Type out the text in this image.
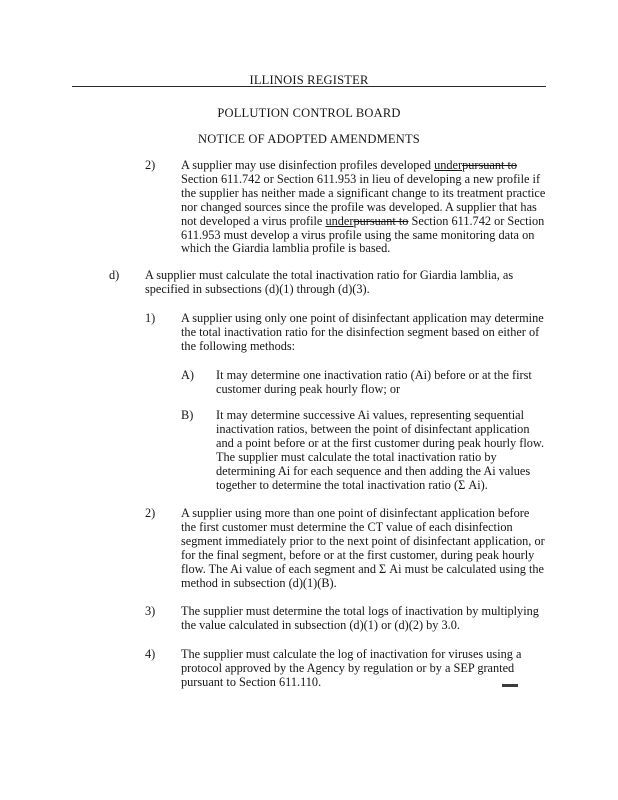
ILLINOIS REGISTER
POLLUTION CONTROL BOARD
NOTICE OF ADOPTED AMENDMENTS
2) A supplier may use disinfection profiles developed underpursuant to Section 611.742 or Section 611.953 in lieu of developing a new profile if the supplier has neither made a significant change to its treatment practice nor changed sources since the profile was developed. A supplier that has not developed a virus profile underpursuant to Section 611.742 or Section 611.953 must develop a virus profile using the same monitoring data on which the Giardia lamblia profile is based.
d) A supplier must calculate the total inactivation ratio for Giardia lamblia, as specified in subsections (d)(1) through (d)(3).
1) A supplier using only one point of disinfectant application may determine the total inactivation ratio for the disinfection segment based on either of the following methods:
A) It may determine one inactivation ratio (Ai) before or at the first customer during peak hourly flow; or
B) It may determine successive Ai values, representing sequential inactivation ratios, between the point of disinfectant application and a point before or at the first customer during peak hourly flow. The supplier must calculate the total inactivation ratio by determining Ai for each sequence and then adding the Ai values together to determine the total inactivation ratio (Σ Ai).
2) A supplier using more than one point of disinfectant application before the first customer must determine the CT value of each disinfection segment immediately prior to the next point of disinfectant application, or for the final segment, before or at the first customer, during peak hourly flow. The Ai value of each segment and Σ Ai must be calculated using the method in subsection (d)(1)(B).
3) The supplier must determine the total logs of inactivation by multiplying the value calculated in subsection (d)(1) or (d)(2) by 3.0.
4) The supplier must calculate the log of inactivation for viruses using a protocol approved by the Agency by regulation or by a SEP granted pursuant to Section 611.110.
